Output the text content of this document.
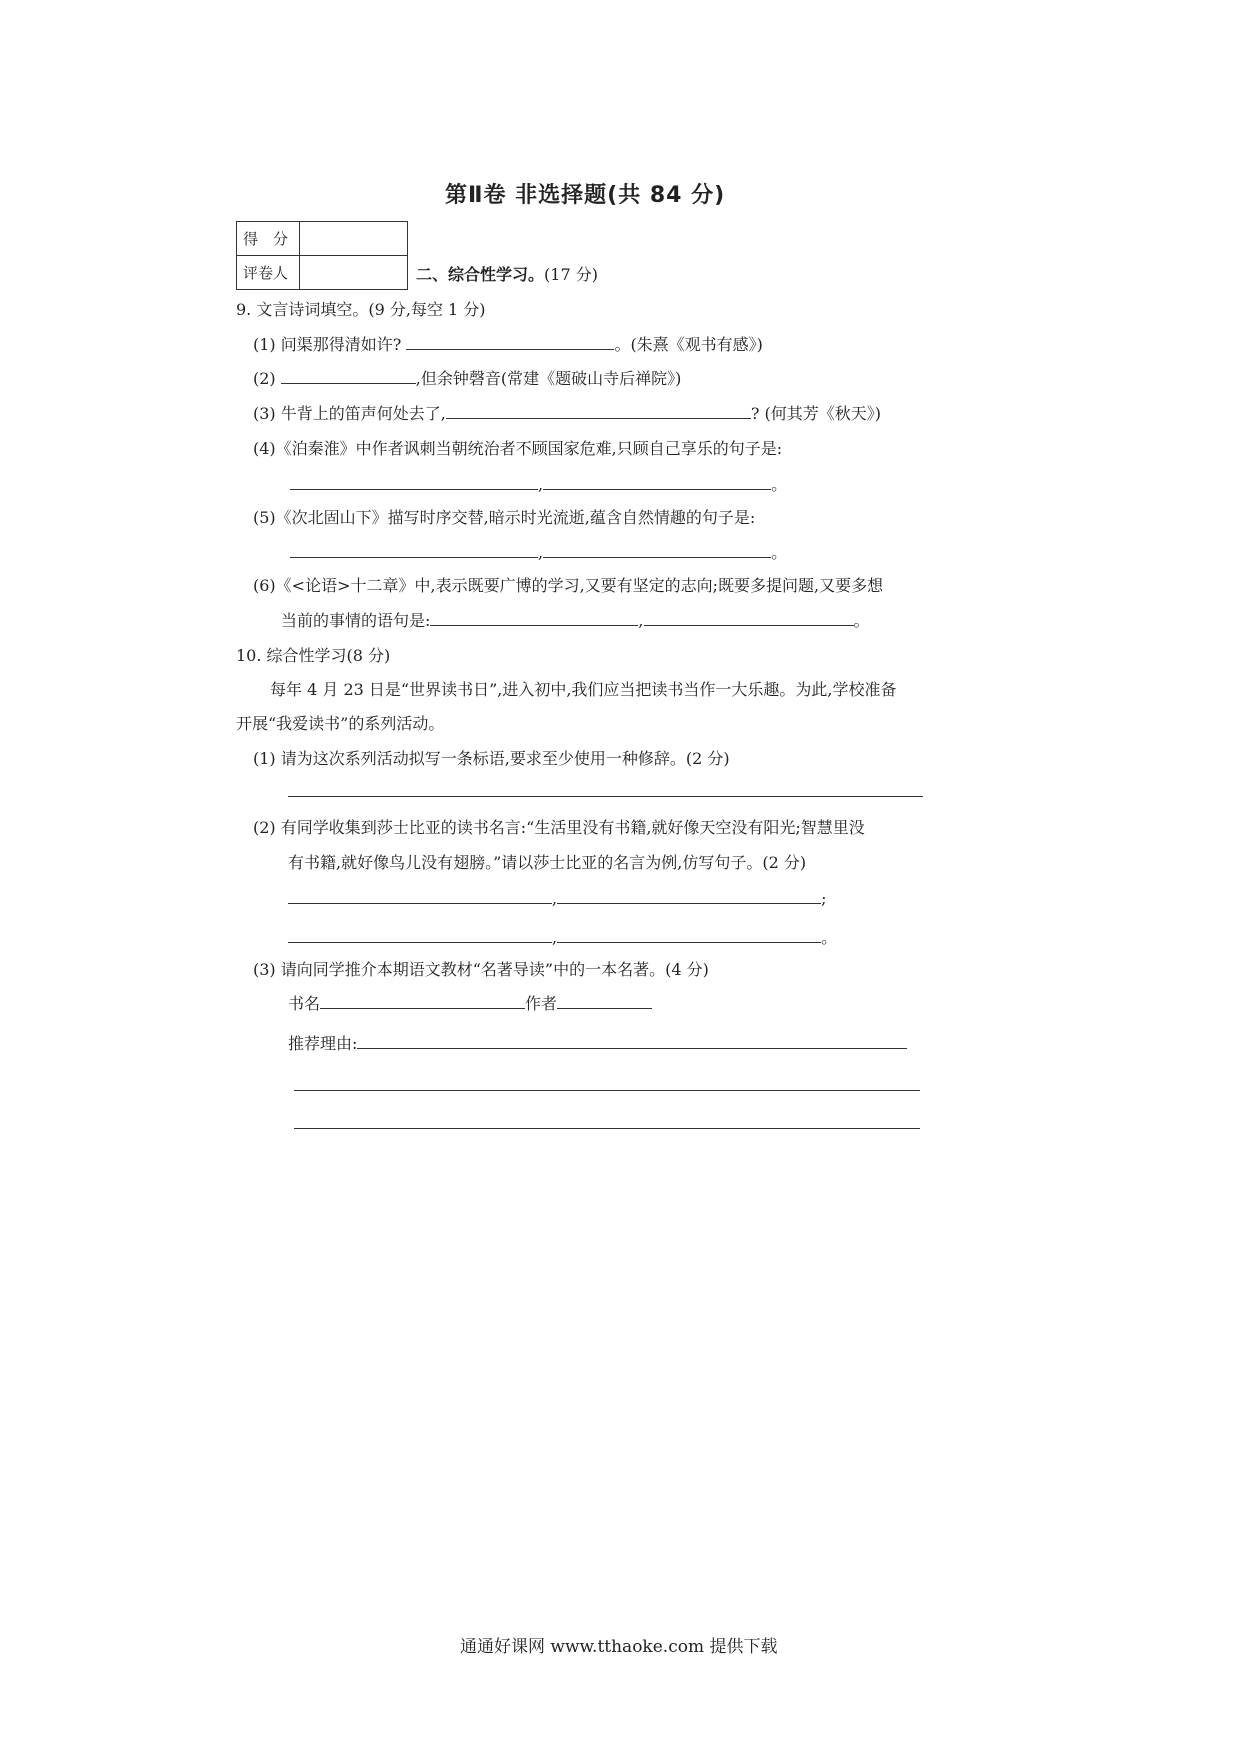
第Ⅱ卷 非选择题(共 84 分)
得　分	
评卷人		二、综合性学习。(17 分)
9. 文言诗词填空。(9 分,每空 1 分)
(1) 问渠那得清如许?	。(朱熹《观书有感》)
(2)	,但余钟磬音(常建《题破山寺后禅院》)
(3) 牛背上的笛声何处去了,	? (何其芳《秋天》)
(4)《泊秦淮》中作者讽刺当朝统治者不顾国家危难,只顾自己享乐的句子是:
,	。
(5)《次北固山下》描写时序交替,暗示时光流逝,蕴含自然情趣的句子是:
,	。
(6)《<论语>十二章》中,表示既要广博的学习,又要有坚定的志向;既要多提问题,又要多想
当前的事情的语句是:	,	。
10. 综合性学习(8 分)
每年 4 月 23 日是“世界读书日”,进入初中,我们应当把读书当作一大乐趣。为此,学校准备
开展“我爱读书”的系列活动。
(1) 请为这次系列活动拟写一条标语,要求至少使用一种修辞。(2 分)
(2) 有同学收集到莎士比亚的读书名言:“生活里没有书籍,就好像天空没有阳光;智慧里没
有书籍,就好像鸟儿没有翅膀。”请以莎士比亚的名言为例,仿写句子。(2 分)
,	;
,	。
(3) 请向同学推介本期语文教材“名著导读”中的一本名著。(4 分)
书名	作者
推荐理由:
通通好课网 www.tthaoke.com 提供下载
